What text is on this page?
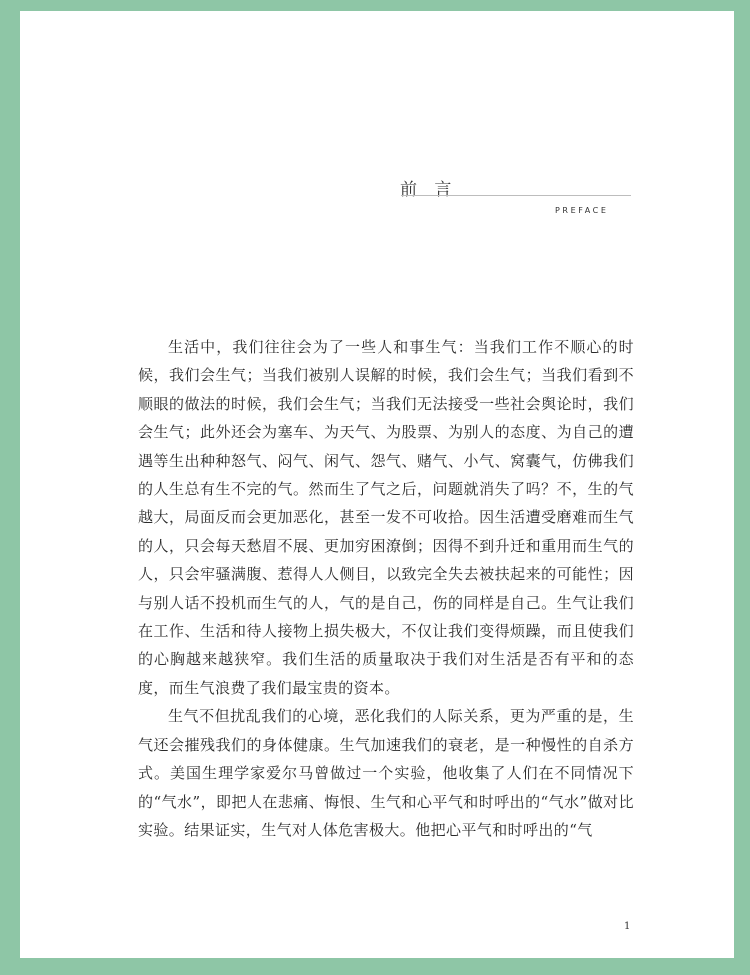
前 言
PREFACE

生活中，我们往往会为了一些人和事生气：当我们工作不顺心的时候，我们会生气；当我们被别人误解的时候，我们会生气；当我们看到不顺眼的做法的时候，我们会生气；当我们无法接受一些社会舆论时，我们会生气；此外还会为塞车、为天气、为股票、为别人的态度、为自己的遭遇等生出种种怒气、闷气、闲气、怨气、赌气、小气、窝囊气，仿佛我们的人生总有生不完的气。然而生了气之后，问题就消失了吗？不，生的气越大，局面反而会更加恶化，甚至一发不可收拾。因生活遭受磨难而生气的人，只会每天愁眉不展、更加穷困潦倒；因得不到升迁和重用而生气的人，只会牢骚满腹、惹得人人侧目，以致完全失去被扶起来的可能性；因与别人话不投机而生气的人，气的是自己，伤的同样是自己。生气让我们在工作、生活和待人接物上损失极大，不仅让我们变得烦躁，而且使我们的心胸越来越狭窄。我们生活的质量取决于我们对生活是否有平和的态度，而生气浪费了我们最宝贵的资本。

生气不但扰乱我们的心境，恶化我们的人际关系，更为严重的是，生气还会摧残我们的身体健康。生气加速我们的衰老，是一种慢性的自杀方式。美国生理学家爱尔马曾做过一个实验，他收集了人们在不同情况下的“气水”，即把人在悲痛、悔恨、生气和心平气和时呼出的“气水”做对比实验。结果证实，生气对人体危害极大。他把心平气和时呼出的“气

1
